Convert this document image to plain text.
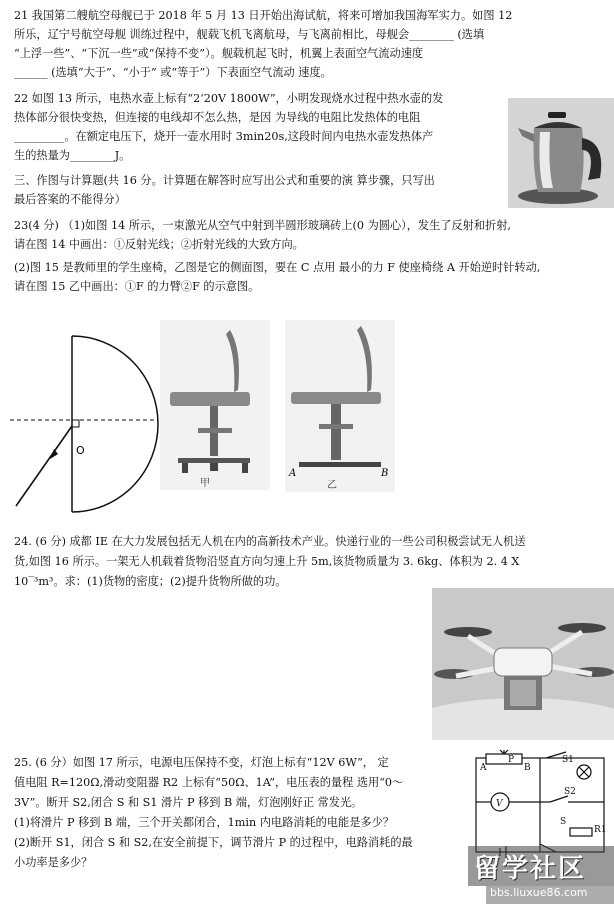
21 我国第二艘航空母舰已于 2018 年 5 月 13 日开始出海试航，将来可增加我国海军实力。如图 12

所乐，辽宁号航空母舰 训练过程中，舰载飞机飞离航母，与飞离前相比，母舰会________ (选填

“上浮一些”、“下沉一些”或“保持不变”）。舰载机起飞时，机翼上表面空气流动速度

______ (选填“大于”、“小于” 或“等于”）下表面空气流动 速度。

22 如图 13 所示，电热水壶上标有“2‘20V 1800W”，小明发现烧水过程中热水壶的发

热体部分很快变热，但连接的电线却不怎么热，是因 为导线的电阻比发热体的电阻

_________。在额定电压下，烧开一壶水用时 3min20s,这段时间内电热水壶发热体产

生的热量为________J。

三、作图与计算题(共 16 分。计算题在解答时应写出公式和重要的演 算步骤，只写出

最后答案的不能得分）

23(4 分) （1)如图 14 所示，一束激光从空气中射到半圆形玻璃砖上(0 为圆心），发生了反射和折射,

请在图 14 中画出：①反射光线；②折射光线的大致方向。

(2)图 15 是教师里的学生座椅，乙图是它的侧面图，要在 C 点用 最小的力 F 使座椅绕 A 开始逆时针转动,

请在图 15 乙中画出：①F 的力臂②F 的示意图。

O
甲
A	B
乙

24. (6 分) 成都 IE 在大力发展包括无人机在内的高新技术产业。快递行业的一些公司积极尝试无人机送

货,如图 16 所示。一架无人机载着货物沿竖直方向匀速上升 5m,该货物质量为 3. 6kg、体积为 2. 4 X

10‾³m³。求：(1)货物的密度；(2)提升货物所做的功。

25. (6 分）如图 17 所示，电源电压保持不变，灯泡上标有“12V 6W”， 定

值电阻 R=120Ω,滑动变阻器 R2 上标有“50Ω、1A”，电压表的量程 选用“0～

3V”。断开 S2,闭合 S 和 S1 滑片 P 移到 B 端，灯泡刚好正 常发光。

(1)将滑片 P 移到 B 端，三个开关都闭合，1min 内电路消耗的电能是多少？

(2)断开 S1，闭合 S 和 S2,在安全前提下，调节滑片 P 的过程中，电路消耗的最

小功率是多少？

A
P
B
S1
S2
S
V
R1
留学社区
bbs.liuxue86.com
